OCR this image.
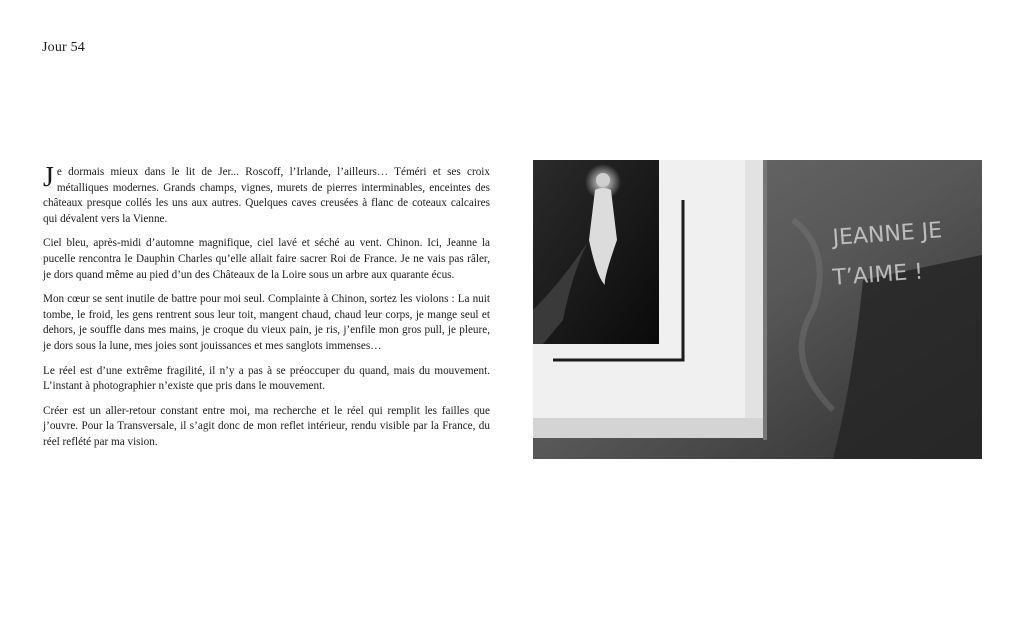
Jour 54

Je dormais mieux dans le lit de Jer... Roscoff, l’Irlande, l’ailleurs… Téméri et ses croix métalliques modernes. Grands champs, vignes, murets de pierres interminables, enceintes des châteaux presque collés les uns aux autres. Quelques caves creusées à flanc de coteaux calcaires qui dévalent vers la Vienne.

Ciel bleu, après-midi d’automne magnifique, ciel lavé et séché au vent. Chinon. Ici, Jeanne la pucelle rencontra le Dauphin Charles qu’elle allait faire sacrer Roi de France. Je ne vais pas râler, je dors quand même au pied d’un des Châteaux de la Loire sous un arbre aux quarante écus.

Mon cœur se sent inutile de battre pour moi seul. Complainte à Chinon, sortez les violons : La nuit tombe, le froid, les gens rentrent sous leur toit, mangent chaud, chaud leur corps, je mange seul et dehors, je souffle dans mes mains, je croque du vieux pain, je ris, j’enfile mon gros pull, je pleure, je dors sous la lune, mes joies sont jouissances et mes sanglots immenses…

Le réel est d’une extrême fragilité, il n’y a pas à se préoccuper du quand, mais du mouvement. L’instant à photographier n’existe que pris dans le mouvement.

Créer est un aller-retour constant entre moi, ma recherche et le réel qui remplit les failles que j’ouvre. Pour la Transversale, il s’agit donc de mon reflet intérieur, rendu visible par la France, du réel reflété par ma vision.

JEANNE JE
T’AIME !
